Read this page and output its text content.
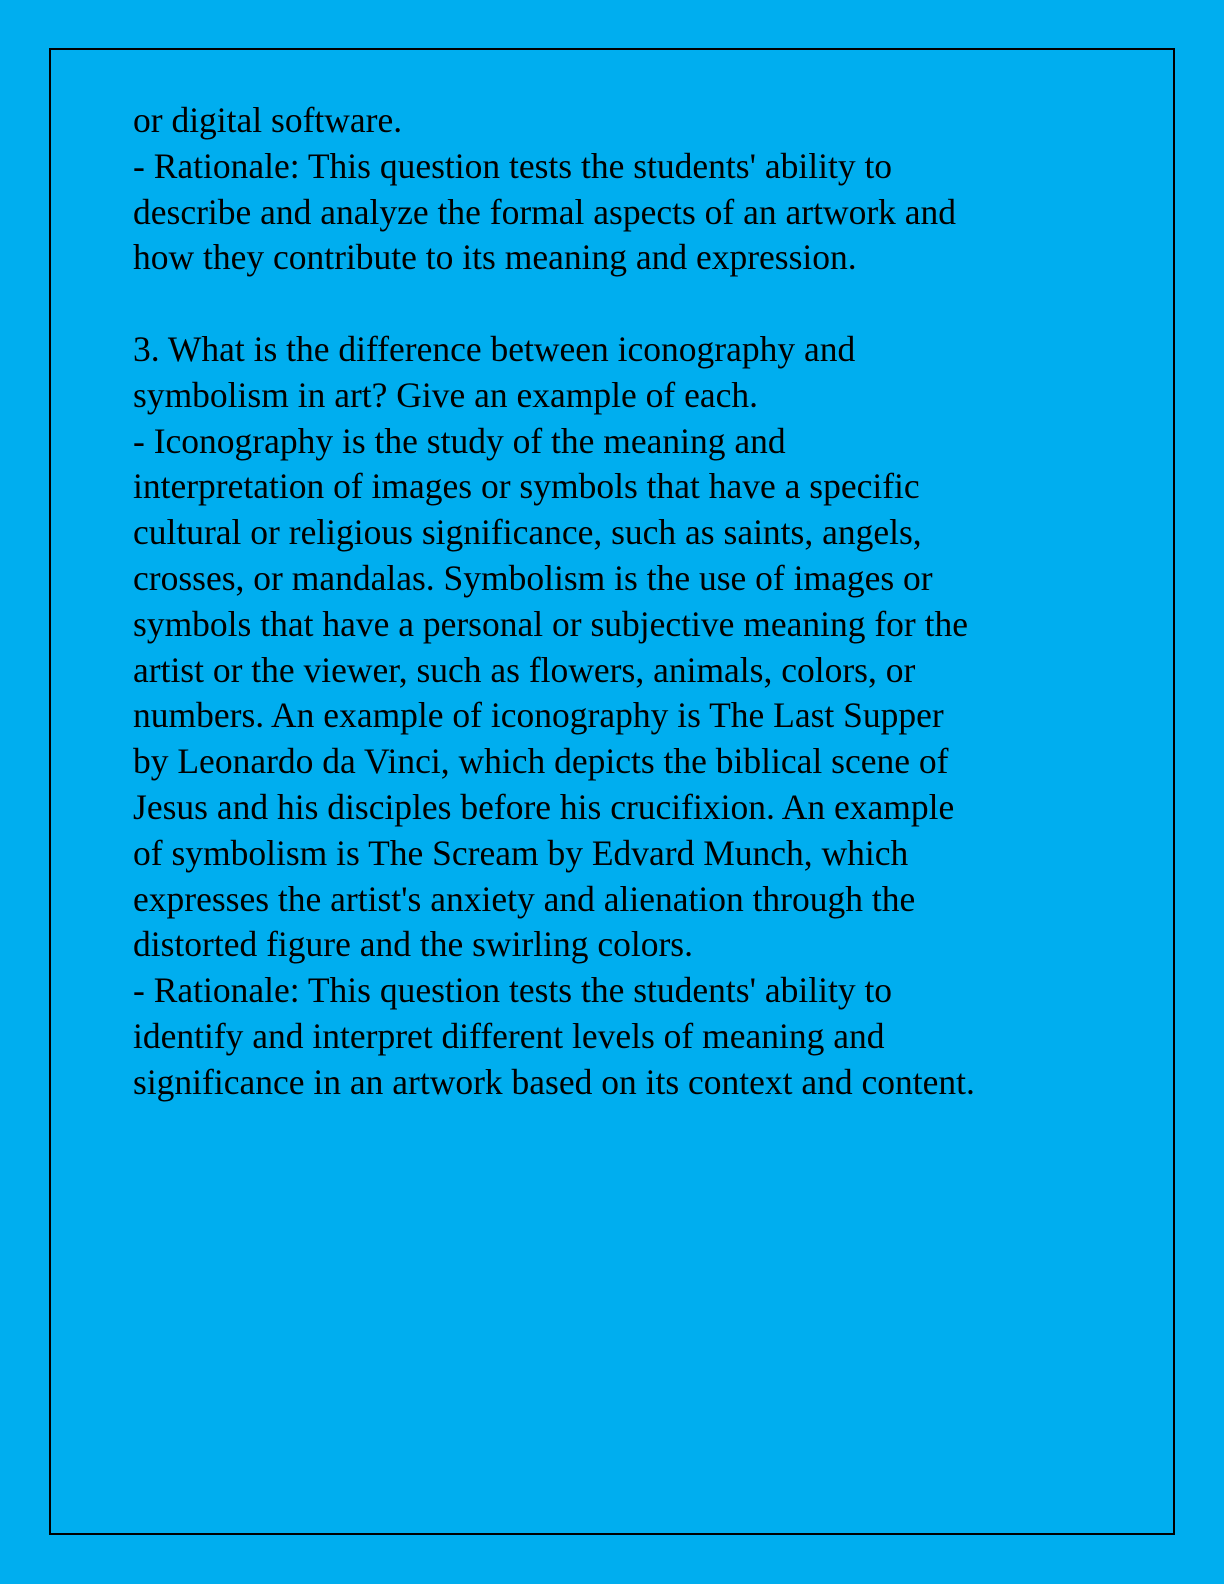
or digital software.
- Rationale: This question tests the students' ability to
describe and analyze the formal aspects of an artwork and
how they contribute to its meaning and expression.
3. What is the difference between iconography and
symbolism in art? Give an example of each.
- Iconography is the study of the meaning and
interpretation of images or symbols that have a specific
cultural or religious significance, such as saints, angels,
crosses, or mandalas. Symbolism is the use of images or
symbols that have a personal or subjective meaning for the
artist or the viewer, such as flowers, animals, colors, or
numbers. An example of iconography is The Last Supper
by Leonardo da Vinci, which depicts the biblical scene of
Jesus and his disciples before his crucifixion. An example
of symbolism is The Scream by Edvard Munch, which
expresses the artist's anxiety and alienation through the
distorted figure and the swirling colors.
- Rationale: This question tests the students' ability to
identify and interpret different levels of meaning and
significance in an artwork based on its context and content.
